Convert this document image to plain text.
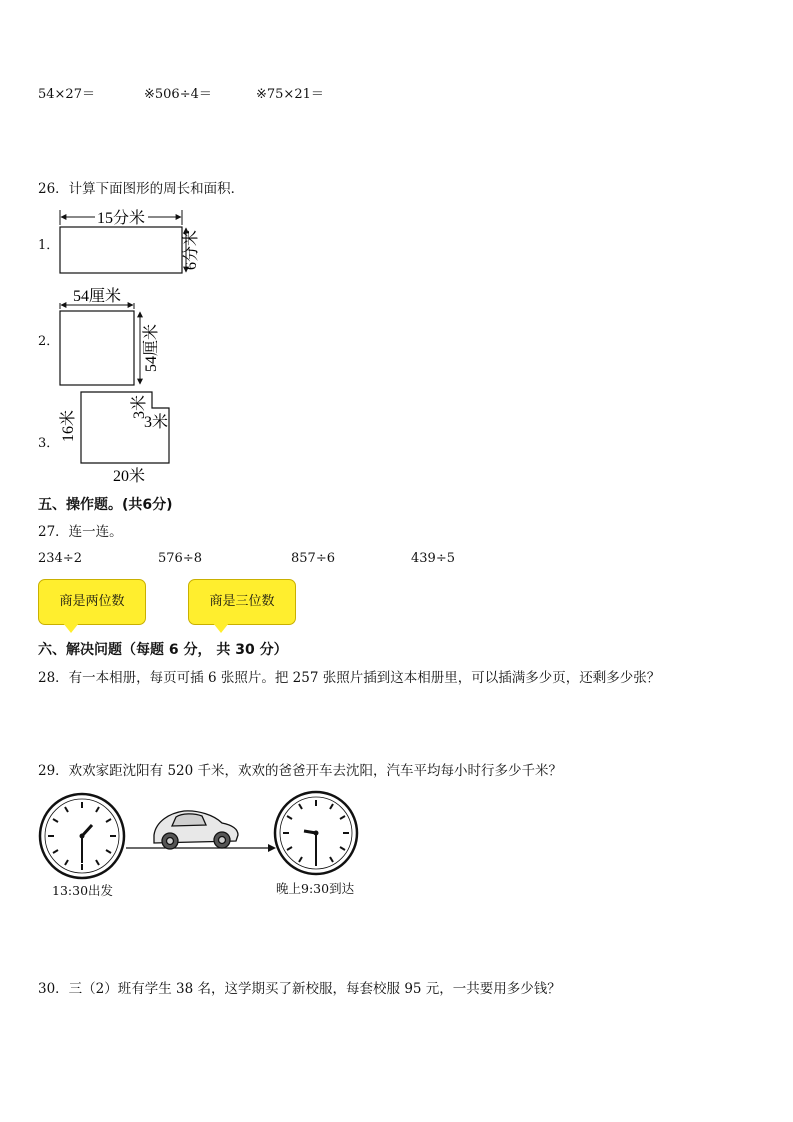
54×27＝	※506÷4＝	※75×21＝
26．计算下面图形的周长和面积．
1．
2．
3．
15分米
6分米
54厘米
54厘米
16米
3米
3米
20米
五、操作题。(共6分)
27．连一连。
234÷2	576÷8	857÷6	439÷5
商是两位数	商是三位数
六、解决问题（每题 6 分， 共 30 分）
28．有一本相册，每页可插 6 张照片。把 257 张照片插到这本相册里，可以插满多少页，还剩多少张？
29．欢欢家距沈阳有 520 千米，欢欢的爸爸开车去沈阳，汽车平均每小时行多少千米？
13:30出发	晚上9:30到达
30．三（2）班有学生 38 名，这学期买了新校服，每套校服 95 元，一共要用多少钱？
